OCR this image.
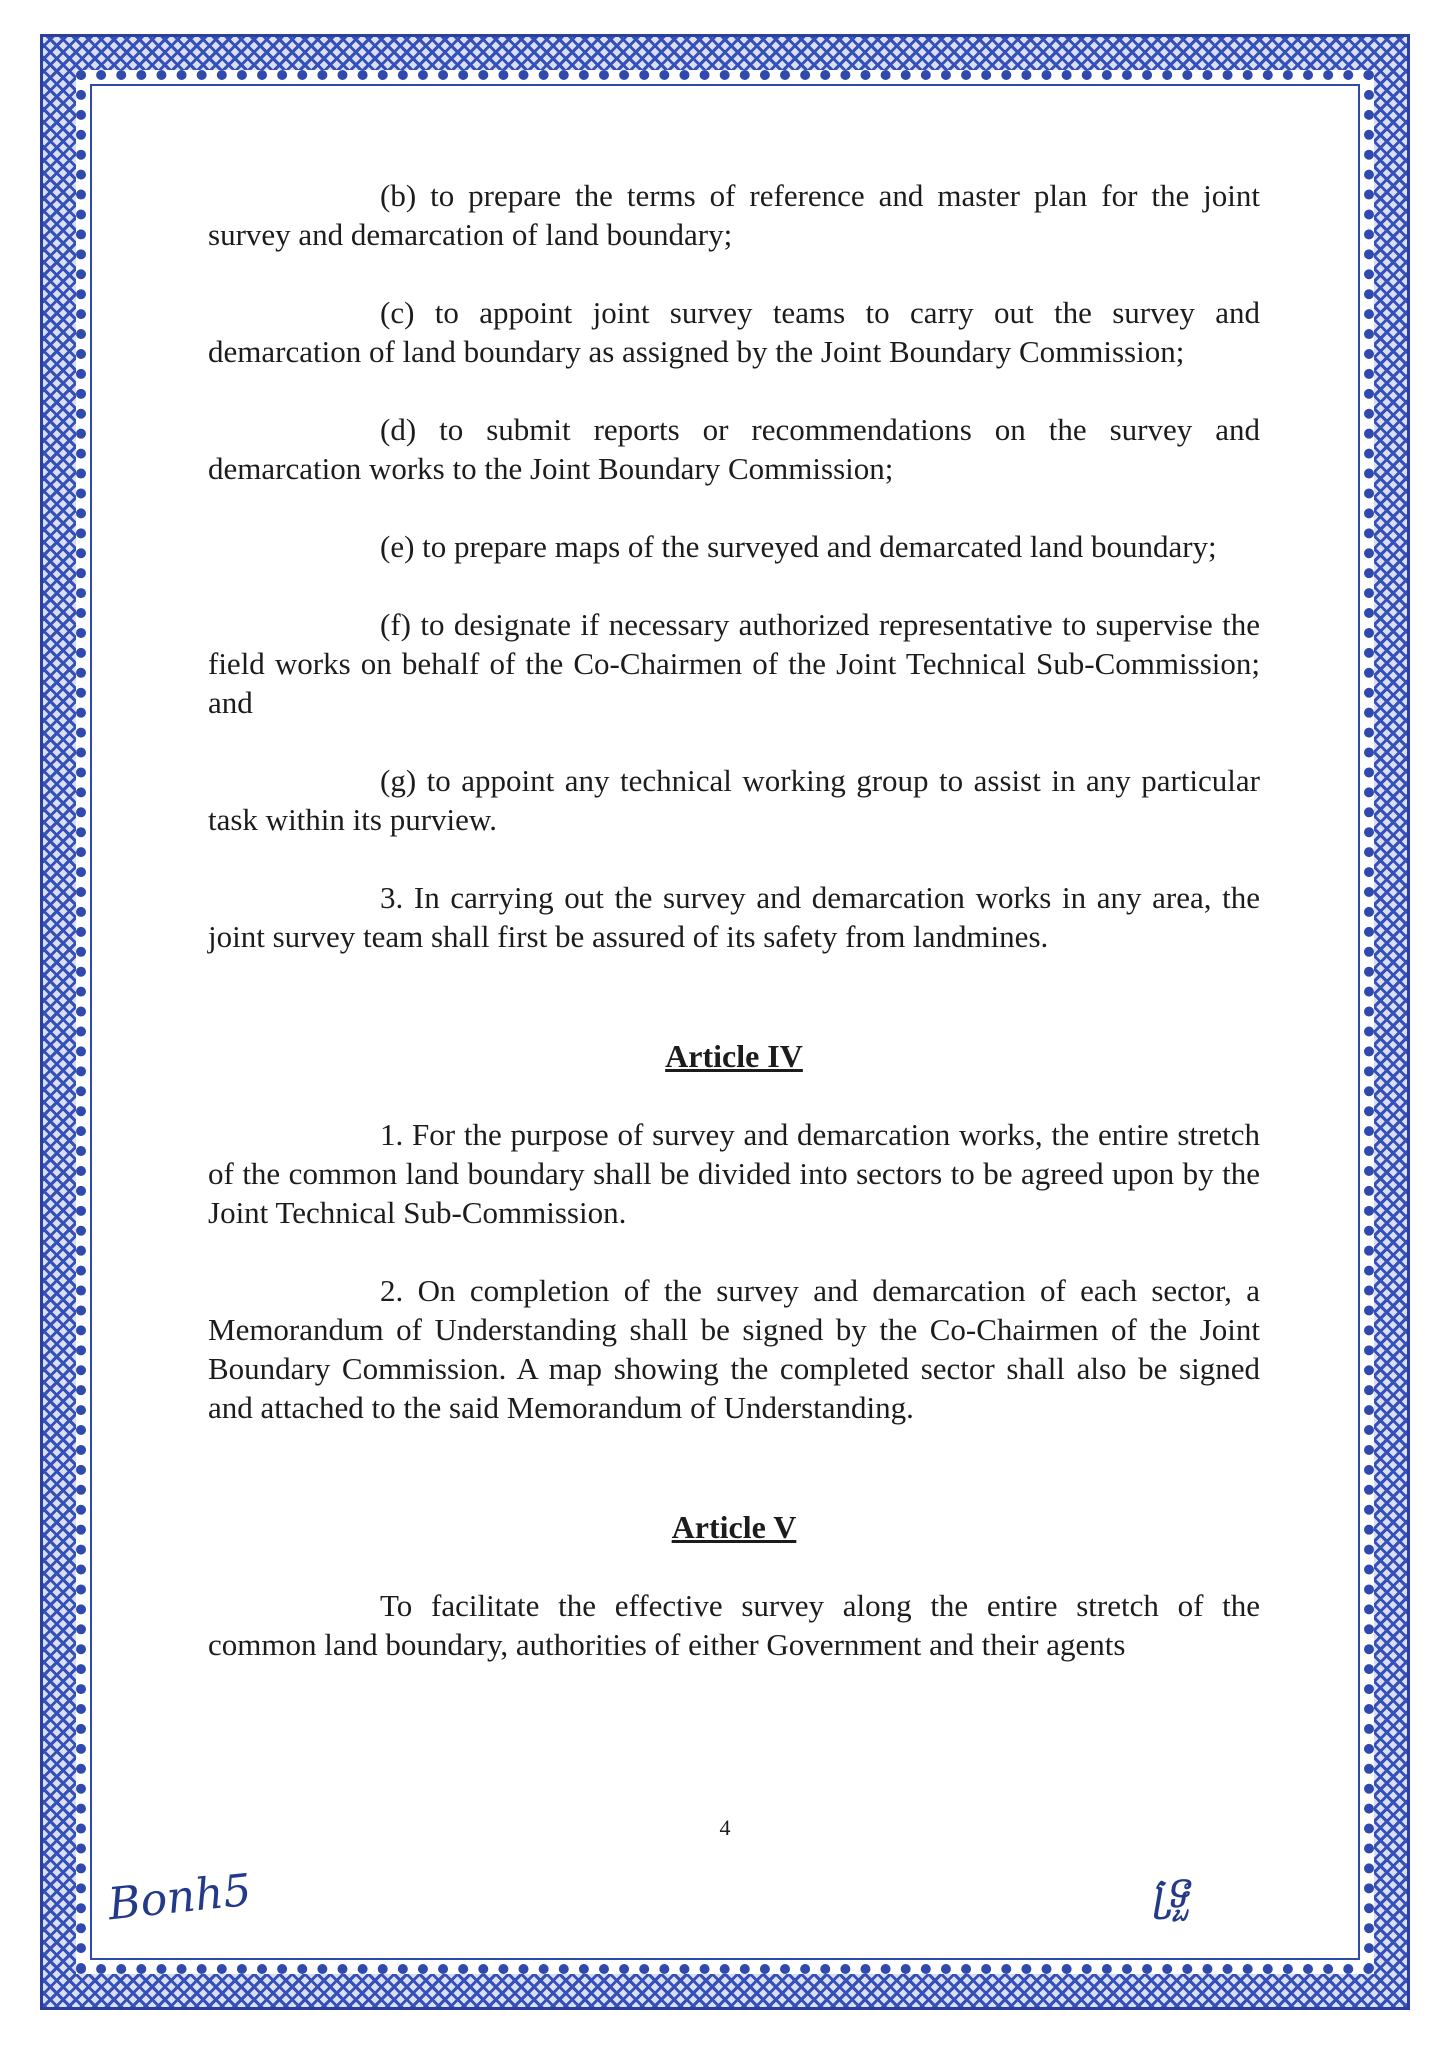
(b) to prepare the terms of reference and master plan for the joint survey and demarcation of land boundary;

(c) to appoint joint survey teams to carry out the survey and demarcation of land boundary as assigned by the Joint Boundary Commission;

(d) to submit reports or recommendations on the survey and demarcation works to the Joint Boundary Commission;

(e) to prepare maps of the surveyed and demarcated land boundary;

(f) to designate if necessary authorized representative to supervise the field works on behalf of the Co-Chairmen of the Joint Technical Sub-Commission; and

(g) to appoint any technical working group to assist in any particular task within its purview.

3. In carrying out the survey and demarcation works in any area, the joint survey team shall first be assured of its safety from landmines.

Article IV

1. For the purpose of survey and demarcation works, the entire stretch of the common land boundary shall be divided into sectors to be agreed upon by the Joint Technical Sub-Commission.

2. On completion of the survey and demarcation of each sector, a Memorandum of Understanding shall be signed by the Co-Chairmen of the Joint Boundary Commission. A map showing the completed sector shall also be signed and attached to the said Memorandum of Understanding.

Article V

To facilitate the effective survey along the entire stretch of the common land boundary, authorities of either Government and their agents

4
Bonh5	ទ្រួ
